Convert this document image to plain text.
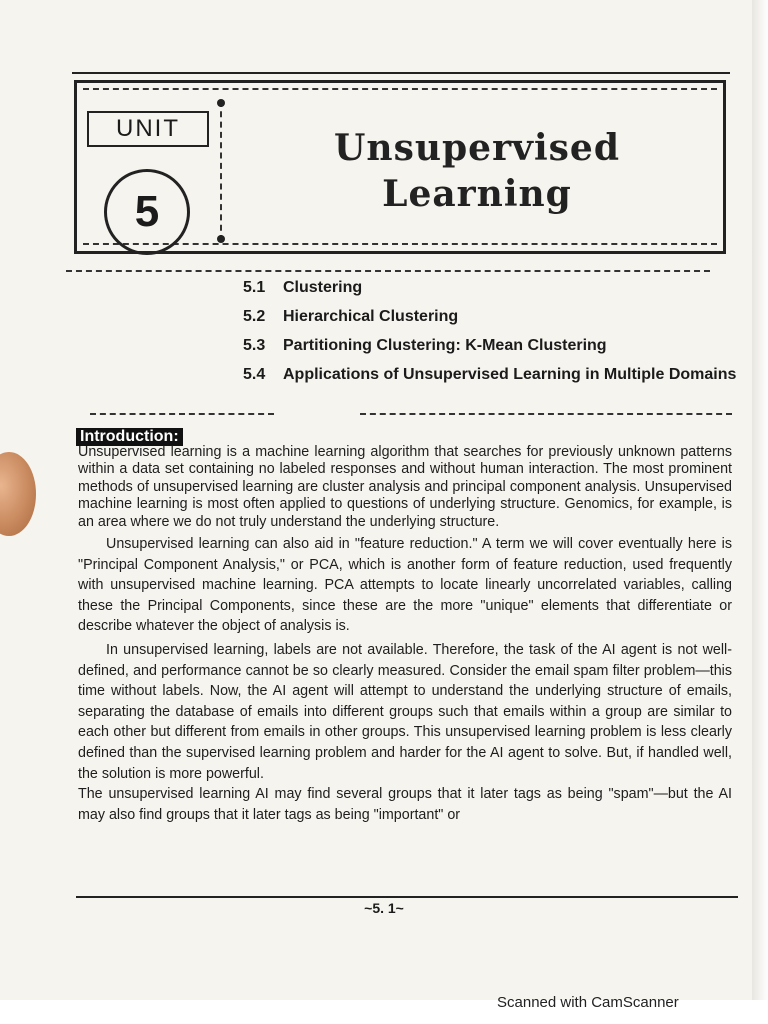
UNIT
5
Unsupervised
Learning
5.1 Clustering
5.2 Hierarchical Clustering
5.3 Partitioning Clustering: K-Mean Clustering
5.4 Applications of Unsupervised Learning in Multiple Domains
Introduction:

Unsupervised learning is a machine learning algorithm that searches for previously unknown patterns within a data set containing no labeled responses and without human interaction. The most prominent methods of unsupervised learning are cluster analysis and principal component analysis. Unsupervised machine learning is most often applied to questions of underlying structure. Genomics, for example, is an area where we do not truly understand the underlying structure.

Unsupervised learning can also aid in "feature reduction." A term we will cover eventually here is "Principal Component Analysis," or PCA, which is another form of feature reduction, used frequently with unsupervised machine learning. PCA attempts to locate linearly uncorrelated variables, calling these the Principal Components, since these are the more "unique" elements that differentiate or describe whatever the object of analysis is.

In unsupervised learning, labels are not available. Therefore, the task of the AI agent is not well-defined, and performance cannot be so clearly measured. Consider the email spam filter problem—this time without labels. Now, the AI agent will attempt to understand the underlying structure of emails, separating the database of emails into different groups such that emails within a group are similar to each other but different from emails in other groups. This unsupervised learning problem is less clearly defined than the supervised learning problem and harder for the AI agent to solve. But, if handled well, the solution is more powerful.

The unsupervised learning AI may find several groups that it later tags as being "spam"—but the AI may also find groups that it later tags as being "important" or

~5. 1~
Scanned with CamScanner
